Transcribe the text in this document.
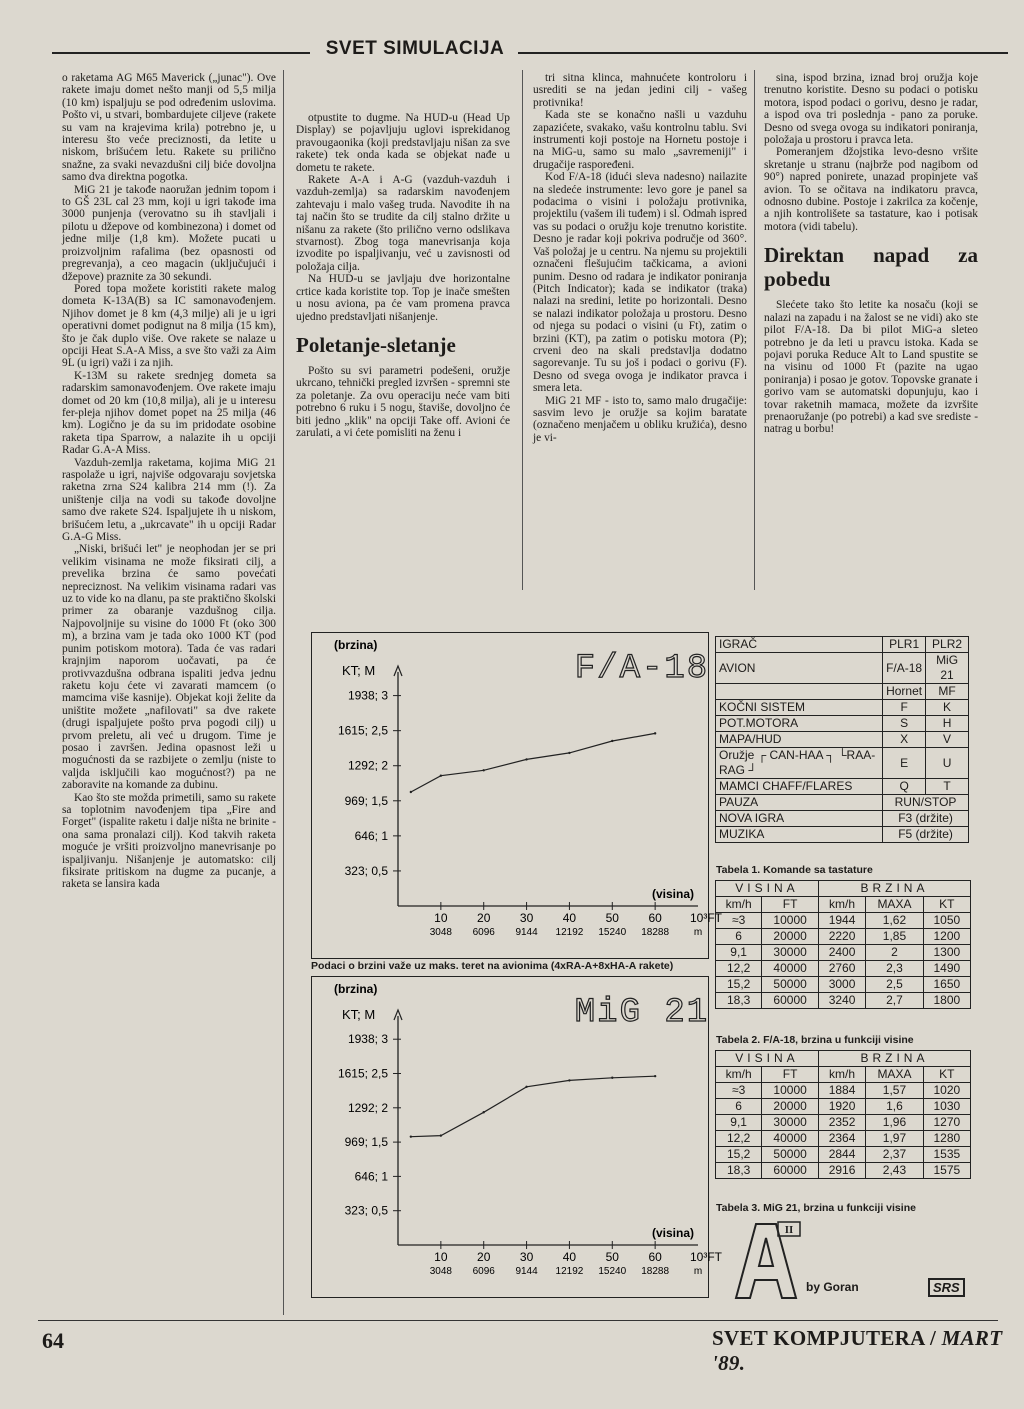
SVET SIMULACIJA

o raketama AG M65 Maverick („junac"). Ove rakete imaju domet nešto manji od 5,5 milja (10 km) ispaljuju se pod određenim uslovima. Pošto vi, u stvari, bombardujete ciljeve (rakete su vam na krajevima krila) potrebno je, u interesu što veće preciznosti, da letite u niskom, brišućem letu. Rakete su prilično snažne, za svaki nevazdušni cilj biće dovoljna samo dva direktna pogotka.

MiG 21 je takođe naoružan jednim topom i to GŠ 23L cal 23 mm, koji u igri takođe ima 3000 punjenja (verovatno su ih stavljali i pilotu u džepove od kombinezona) i domet od jedne milje (1,8 km). Možete pucati u proizvoljnim rafalima (bez opasnosti od pregrevanja), a ceo magacin (uključujući i džepove) praznite za 30 sekundi.

Pored topa možete koristiti rakete malog dometa K-13A(B) sa IC samonavođenjem. Njihov domet je 8 km (4,3 milje) ali je u igri operativni domet podignut na 8 milja (15 km), što je čak duplo više. Ove rakete se nalaze u opciji Heat S.A-A Miss, a sve što važi za Aim 9L (u igri) važi i za njih.

K-13M su rakete srednjeg dometa sa radarskim samonavođenjem. Ove rakete imaju domet od 20 km (10,8 milja), ali je u interesu fer-pleja njihov domet popet na 25 milja (46 km). Logično je da su im pridodate osobine raketa tipa Sparrow, a nalazite ih u opciji Radar G.A-A Miss.

Vazduh-zemlja raketama, kojima MiG 21 raspolaže u igri, najviše odgovaraju sovjetska raketna zrna S24 kalibra 214 mm (!). Za uništenje cilja na vodi su takođe dovoljne samo dve rakete S24. Ispaljujete ih u niskom, brišućem letu, a „ukrcavate" ih u opciji Radar G.A-G Miss.

„Niski, brišući let" je neophodan jer se pri velikim visinama ne može fiksirati cilj, a prevelika brzina će samo povećati nepreciznost. Na velikim visinama radari vas uz to vide ko na dlanu, pa ste praktično školski primer za obaranje vazdušnog cilja. Najpovoljnije su visine do 1000 Ft (oko 300 m), a brzina vam je tada oko 1000 KT (pod punim potiskom motora). Tada će vas radari krajnjim naporom uočavati, pa će protivvazdušna odbrana ispaliti jedva jednu raketu koju ćete vi zavarati mamcem (o mamcima više kasnije). Objekat koji želite da uništite možete „nafilovati" sa dve rakete (drugi ispaljujete pošto prva pogodi cilj) u prvom preletu, ali već u drugom. Time je posao i završen. Jedina opasnost leži u mogućnosti da se razbijete o zemlju (niste to valjda isključili kao mogućnost?) pa ne zaboravite na komande za dubinu.

Kao što ste možda primetili, samo su rakete sa toplotnim navođenjem tipa „Fire and Forget" (ispalite raketu i dalje ništa ne brinite - ona sama pronalazi cilj). Kod takvih raketa moguće je vršiti proizvoljno manevrisanje po ispaljivanju. Nišanjenje je automatsko: cilj fiksirate pritiskom na dugme za pucanje, a raketa se lansira kada

otpustite to dugme. Na HUD-u (Head Up Display) se pojavljuju uglovi isprekidanog pravougaonika (koji predstavljaju nišan za sve rakete) tek onda kada se objekat nađe u dometu te rakete.

Rakete A-A i A-G (vazduh-vazduh i vazduh-zemlja) sa radarskim navođenjem zahtevaju i malo vašeg truda. Navodite ih na taj način što se trudite da cilj stalno držite u nišanu za rakete (što prilično verno odslikava stvarnost). Zbog toga manevrisanja koja izvodite po ispaljivanju, već u zavisnosti od položaja cilja.

Na HUD-u se javljaju dve horizontalne crtice kada koristite top. Top je inače smešten u nosu aviona, pa će vam promena pravca ujedno predstavljati nišanjenje.

Poletanje-sletanje

Pošto su svi parametri podešeni, oružje ukrcano, tehnički pregled izvršen - spremni ste za poletanje. Za ovu operaciju neće vam biti potrebno 6 ruku i 5 nogu, štaviše, dovoljno će biti jedno „klik" na opciji Take off. Avioni će zarulati, a vi ćete pomisliti na ženu i

tri sitna klinca, mahnućete kontroloru i usrediti se na jedan jedini cilj - vašeg protivnika!

Kada ste se konačno našli u vazduhu zapazićete, svakako, vašu kontrolnu tablu. Svi instrumenti koji postoje na Hornetu postoje i na MiG-u, samo su malo „savremeniji" i drugačije raspoređeni.

Kod F/A-18 (idući sleva nadesno) nailazite na sledeće instrumente: levo gore je panel sa podacima o visini i položaju protivnika, projektilu (vašem ili tuđem) i sl. Odmah ispred vas su podaci o oružju koje trenutno koristite. Desno je radar koji pokriva područje od 360°. Vaš položaj je u centru. Na njemu su projektili označeni flešujućim tačkicama, a avioni punim. Desno od radara je indikator poniranja (Pitch Indicator); kada se indikator (traka) nalazi na sredini, letite po horizontali. Desno se nalazi indikator položaja u prostoru. Desno od njega su podaci o visini (u Ft), zatim o brzini (KT), pa zatim o potisku motora (P); crveni deo na skali predstavlja dodatno sagorevanje. Tu su još i podaci o gorivu (F). Desno od svega ovoga je indikator pravca i smera leta.

MiG 21 MF - isto to, samo malo drugačije: sasvim levo je oružje sa kojim baratate (označeno menjačem u obliku kružića), desno je vi-

sina, ispod brzina, iznad broj oružja koje trenutno koristite. Desno su podaci o potisku motora, ispod podaci o gorivu, desno je radar, a ispod ova tri poslednja - pano za poruke. Desno od svega ovoga su indikatori poniranja, položaja u prostoru i pravca leta.

Pomeranjem džojstika levo-desno vršite skretanje u stranu (najbrže pod nagibom od 90°) napred ponirete, unazad propinjete vaš avion. To se očitava na indikatoru pravca, odnosno dubine. Postoje i zakrilca za kočenje, a njih kontrolišete sa tastature, kao i potisak motora (vidi tabelu).

Direktan napad za pobedu

Slećete tako što letite ka nosaču (koji se nalazi na zapadu i na žalost se ne vidi) ako ste pilot F/A-18. Da bi pilot MiG-a sleteo potrebno je da leti u pravcu istoka. Kada se pojavi poruka Reduce Alt to Land spustite se na visinu od 1000 Ft (pazite na ugao poniranja) i posao je gotov. Topovske granate i gorivo vam se automatski dopunjuju, kao i tovar raketnih mamaca, možete da izvršite prenaoružanje (po potrebi) a kad sve srediste - natrag u borbu!

(brzina)
KT; M	F/A-18
323; 0,5
646; 1
969; 1,5
1292; 2
1615; 2,5
1938; 3
10
3048
20
6096
30
9144
40
12192
50
15240
60
18288
10³FT
m
(visina)
Podaci o brzini važe uz maks. teret na avionima (4xRA-A+8xHA-A rakete)
(brzina)
KT; M	MiG 21
323; 0,5
646; 1
969; 1,5
1292; 2
1615; 2,5
1938; 3
10
3048
20
6096
30
9144
40
12192
50
15240
60
18288
10³FT
m
(visina)
IGRAČ	PLR1	PLR2
AVION	F/A-18	MiG 21
	Hornet	MF
KOČNI SISTEM	F	K
POT.MOTORA	S	H
MAPA/HUD	X	V
Oružje ┌ CAN-HAA ┐ └RAA-RAG ┘	E	U
MAMCI CHAFF/FLARES	Q	T
PAUZA	RUN/STOP	
NOVA IGRA	F3 (držite)	
MUZIKA	F5 (držite)	
Tabela 1. Komande sa tastature
VISINA		BRZINA		
km/h	FT	km/h	MAXA	KT
≈3	10000	1944	1,62	1050
6	20000	2220	1,85	1200
9,1	30000	2400	2	1300
12,2	40000	2760	2,3	1490
15,2	50000	3000	2,5	1650
18,3	60000	3240	2,7	1800
Tabela 2. F/A-18, brzina u funkciji visine
VISINA		BRZINA		
km/h	FT	km/h	MAXA	KT
≈3	10000	1884	1,57	1020
6	20000	1920	1,6	1030
9,1	30000	2352	1,96	1270
12,2	40000	2364	1,97	1280
15,2	50000	2844	2,37	1535
18,3	60000	2916	2,43	1575
Tabela 3. MiG 21, brzina u funkciji visine
II
by Goran	SRS
64	SVET KOMPJUTERA / MART '89.
